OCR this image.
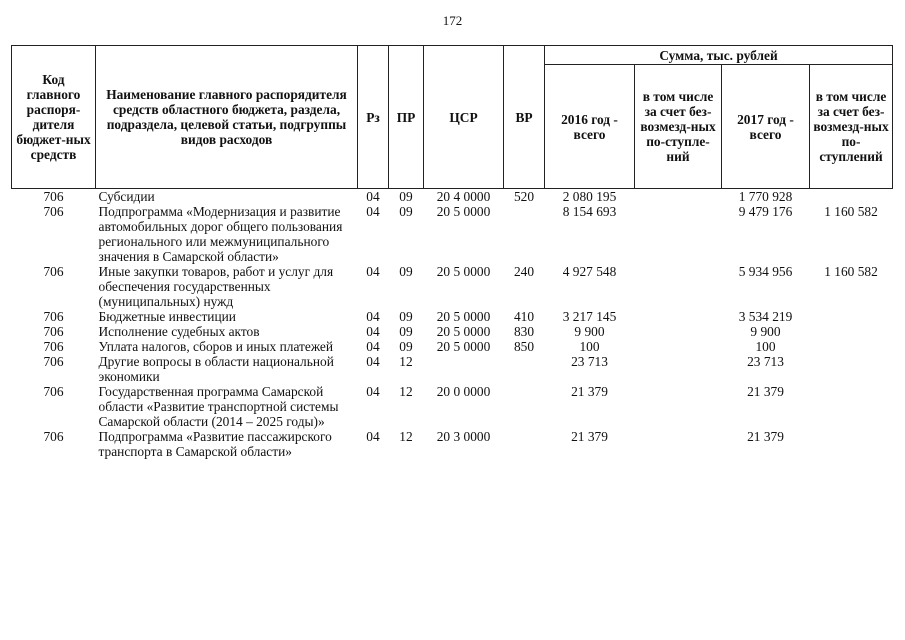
172
Код главного распоря-дителя бюджет-ных средств	Наименование главного распорядителя средств областного бюджета, раздела, подраздела, целевой статьи, подгруппы видов расходов	Рз	ПР	ЦСР	ВР	Сумма, тыс. рублей			
						2016 год - всего	в том числе за счет без-возмезд-ных по-ступле-ний	2017 год - всего	в том числе за счет без-возмезд-ных по-ступлений
706	Субсидии	04	09	20 4 0000	520	2 080 195		1 770 928	
706	Подпрограмма «Модернизация и развитие автомобильных дорог общего пользования регионального или межмуниципального значения в Самарской области»	04	09	20 5 0000		8 154 693		9 479 176	1 160 582
706	Иные закупки товаров, работ и услуг для обеспечения государственных (муниципальных) нужд	04	09	20 5 0000	240	4 927 548		5 934 956	1 160 582
706	Бюджетные инвестиции	04	09	20 5 0000	410	3 217 145		3 534 219	
706	Исполнение судебных актов	04	09	20 5 0000	830	9 900		9 900	
706	Уплата налогов, сборов и иных платежей	04	09	20 5 0000	850	100		100	
706	Другие вопросы в области национальной экономики	04	12			23 713		23 713	
706	Государственная программа Самарской области «Развитие транспортной системы Самарской области (2014 – 2025 годы)»	04	12	20 0 0000		21 379		21 379	
706	Подпрограмма «Развитие пассажирского транспорта в Самарской области»	04	12	20 3 0000		21 379		21 379	
